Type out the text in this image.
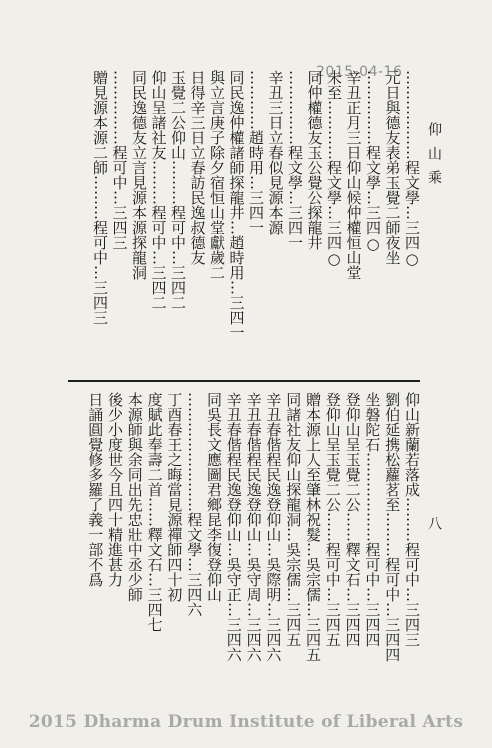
2015-04-16
仰山乘
八
………………程文學…三四○
元日與德友表弟玉覺二師夜坐
……………程文學…三四○
辛丑正月三日仰山候仲權恒山堂
未至…………程文學…三四○
同仲權德友玉公覺公探龍井
……………程文學…三四一
辛丑三日立春似見源本源
…………趙時用…三四一
同民逸仲權諸師探龍井…趙時用…三四一
與立言庚子除夕宿恒山堂獻歲二
日得辛三日立春訪民逸叔德友
玉覺二公仰山………程可中…三四二
仰山呈諸社友………程可中…三四二
同民逸德友立言見源本源探龍洞
……………程可中…三四三
贈見源本源二師………程可中…三四三
仰山新蘭若落成………程可中…三四三
劉伯延携松蘿茗至………程可中…三四四
坐磐陀石………………程可中…三四四
登仰山呈玉覺二公……釋文石…三四四
登仰山呈玉覺二公……程可中…三四五
贈本源上人至肇林祝髮…吳宗儒…三四五
同諸社友仰山探龍洞…吳宗儒…三四五
辛丑春偕程民逸登仰山…吳際明…三四六
辛丑春偕程民逸登仰山…吳守周…三四六
辛丑春偕程民逸登仰山…吳守正…三四六
同吳長文應圖君鄉昆李復登仰山
……………………程文學…三四六
丁酉春王之晦當見源禪師四十初
度賦此奉壽二首……釋文石…三四七
本源師與余同出先忠壯中丞少師
後少小度世今且四十精進甚力
日誦圓覺修多羅了義一部不爲
2015 Dharma Drum Institute of Liberal Arts
